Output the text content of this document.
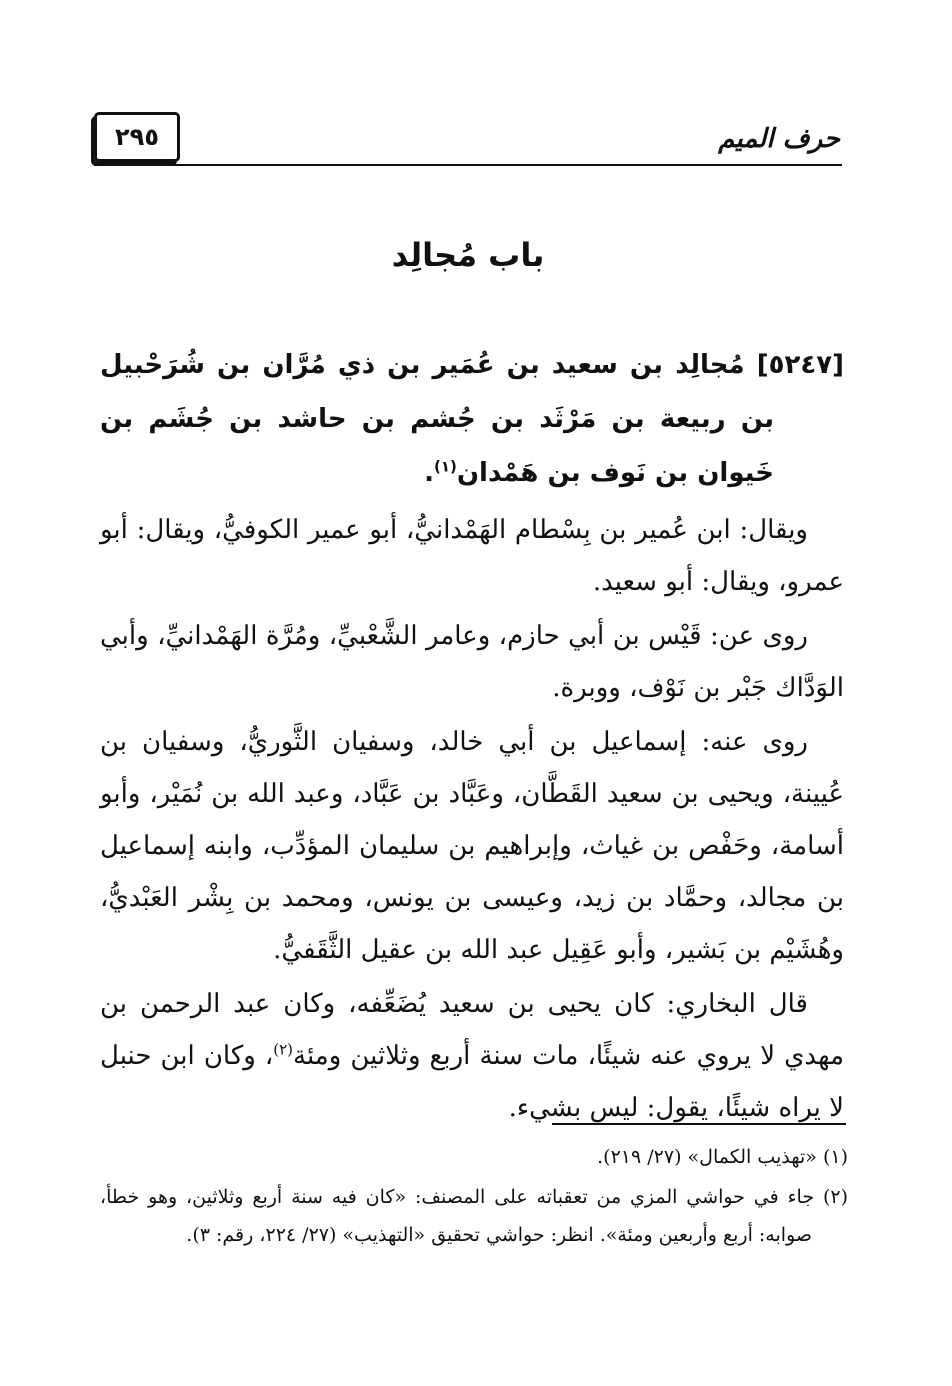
٢٩٥	حرف الميم
باب مُجالِد

[٥٢٤٧] مُجالِد بن سعيد بن عُمَير بن ذي مُرَّان بن شُرَحْبيل بن ربيعة بن مَرْثَد بن جُشم بن حاشد بن جُشَم بن خَيوان بن نَوف بن هَمْدان$^{(١)}$.

ويقال: ابن عُمير بن بِسْطام الهَمْدانيُّ، أبو عمير الكوفيُّ، ويقال: أبو عمرو، ويقال: أبو سعيد.

روى عن: قَيْس بن أبي حازم، وعامر الشَّعْبيِّ، ومُرَّة الهَمْدانيِّ، وأبي الوَدَّاك جَبْر بن نَوْف، ووبرة.

روى عنه: إسماعيل بن أبي خالد، وسفيان الثَّوريُّ، وسفيان بن عُيينة، ويحيى بن سعيد القَطَّان، وعَبَّاد بن عَبَّاد، وعبد الله بن نُمَيْر، وأبو أسامة، وحَفْص بن غياث، وإبراهيم بن سليمان المؤدِّب، وابنه إسماعيل بن مجالد، وحمَّاد بن زيد، وعيسى بن يونس، ومحمد بن بِشْر العَبْديُّ، وهُشَيْم بن بَشير، وأبو عَقِيل عبد الله بن عقيل الثَّقَفيُّ.

قال البخاري: كان يحيى بن سعيد يُضَعِّفه، وكان عبد الرحمن بن مهدي لا يروي عنه شيئًا، مات سنة أربع وثلاثين ومئة$^{(٢)}$، وكان ابن حنبل لا يراه شيئًا، يقول: ليس بشيء.

(١) «تهذيب الكمال» (٢٧/ ٢١٩).

(٢) جاء في حواشي المزي من تعقباته على المصنف: «كان فيه سنة أربع وثلاثين، وهو خطأ، صوابه: أربع وأربعين ومئة». انظر: حواشي تحقيق «التهذيب» (٢٧/ ٢٢٤، رقم: ٣).
